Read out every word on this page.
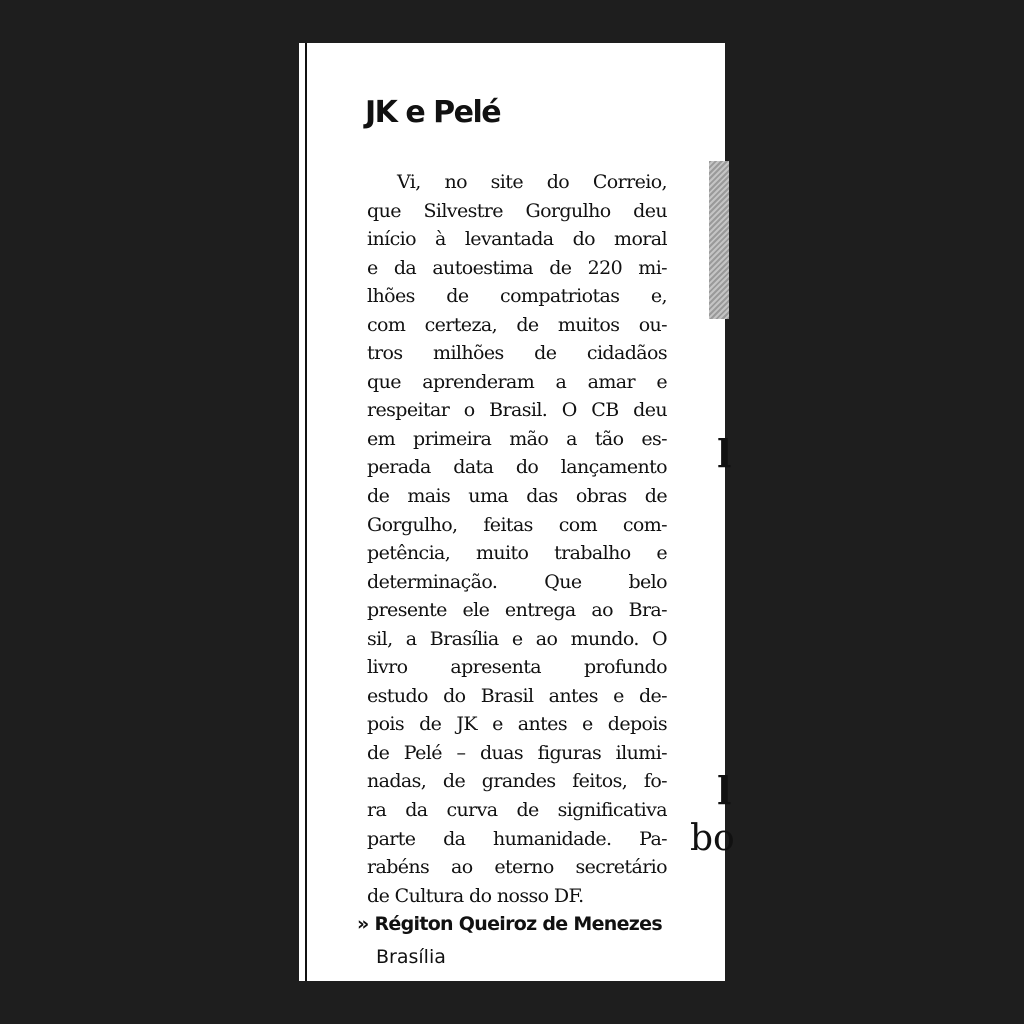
l
l
bo
JK e Pelé
Vi, no site do Correio,
que Silvestre Gorgulho deu
início à levantada do moral
e da autoestima de 220 mi-
lhões de compatriotas e,
com certeza, de muitos ou-
tros milhões de cidadãos
que aprenderam a amar e
respeitar o Brasil. O CB deu
em primeira mão a tão es-
perada data do lançamento
de mais uma das obras de
Gorgulho, feitas com com-
petência, muito trabalho e
determinação. Que belo
presente ele entrega ao Bra-
sil, a Brasília e ao mundo. O
livro apresenta profundo
estudo do Brasil antes e de-
pois de JK e antes e depois
de Pelé – duas figuras ilumi-
nadas, de grandes feitos, fo-
ra da curva de significativa
parte da humanidade. Pa-
rabéns ao eterno secretário
de Cultura do nosso DF.
» Régiton Queiroz de Menezes
Brasília
